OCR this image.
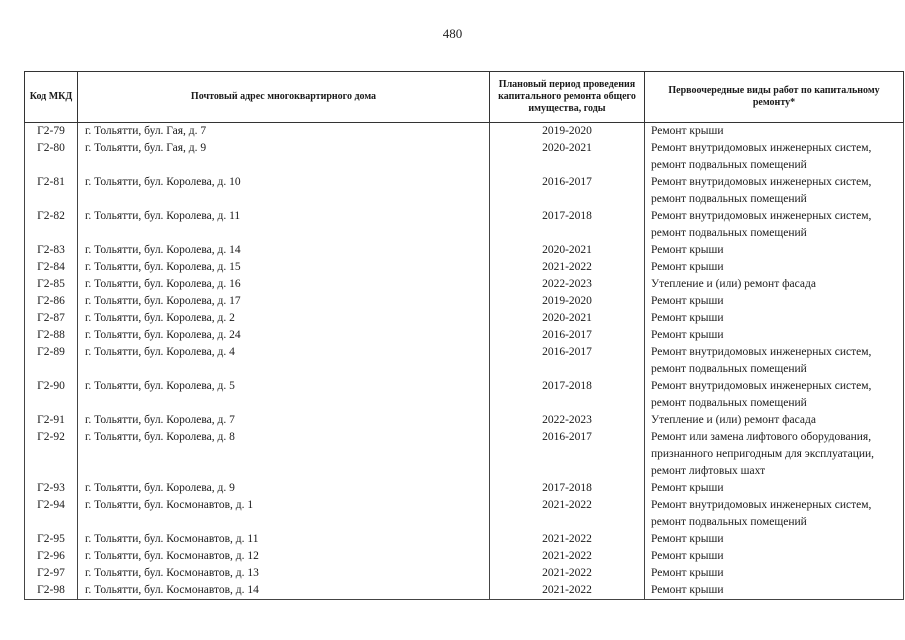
480
Код МКД	Почтовый адрес многоквартирного дома	Плановый период проведения капитального ремонта общего имущества, годы	Первоочередные виды работ по капитальному ремонту*
Г2-79	г. Тольятти, бул. Гая, д. 7	2019-2020	Ремонт крыши
Г2-80	г. Тольятти, бул. Гая, д. 9	2020-2021	Ремонт внутридомовых инженерных систем, ремонт подвальных помещений
Г2-81	г. Тольятти, бул. Королева, д. 10	2016-2017	Ремонт внутридомовых инженерных систем, ремонт подвальных помещений
Г2-82	г. Тольятти, бул. Королева, д. 11	2017-2018	Ремонт внутридомовых инженерных систем, ремонт подвальных помещений
Г2-83	г. Тольятти, бул. Королева, д. 14	2020-2021	Ремонт крыши
Г2-84	г. Тольятти, бул. Королева, д. 15	2021-2022	Ремонт крыши
Г2-85	г. Тольятти, бул. Королева, д. 16	2022-2023	Утепление и (или) ремонт фасада
Г2-86	г. Тольятти, бул. Королева, д. 17	2019-2020	Ремонт крыши
Г2-87	г. Тольятти, бул. Королева, д. 2	2020-2021	Ремонт крыши
Г2-88	г. Тольятти, бул. Королева, д. 24	2016-2017	Ремонт крыши
Г2-89	г. Тольятти, бул. Королева, д. 4	2016-2017	Ремонт внутридомовых инженерных систем, ремонт подвальных помещений
Г2-90	г. Тольятти, бул. Королева, д. 5	2017-2018	Ремонт внутридомовых инженерных систем, ремонт подвальных помещений
Г2-91	г. Тольятти, бул. Королева, д. 7	2022-2023	Утепление и (или) ремонт фасада
Г2-92	г. Тольятти, бул. Королева, д. 8	2016-2017	Ремонт или замена лифтового оборудования, признанного непригодным для эксплуатации, ремонт лифтовых шахт
Г2-93	г. Тольятти, бул. Королева, д. 9	2017-2018	Ремонт крыши
Г2-94	г. Тольятти, бул. Космонавтов, д. 1	2021-2022	Ремонт внутридомовых инженерных систем, ремонт подвальных помещений
Г2-95	г. Тольятти, бул. Космонавтов, д. 11	2021-2022	Ремонт крыши
Г2-96	г. Тольятти, бул. Космонавтов, д. 12	2021-2022	Ремонт крыши
Г2-97	г. Тольятти, бул. Космонавтов, д. 13	2021-2022	Ремонт крыши
Г2-98	г. Тольятти, бул. Космонавтов, д. 14	2021-2022	Ремонт крыши
